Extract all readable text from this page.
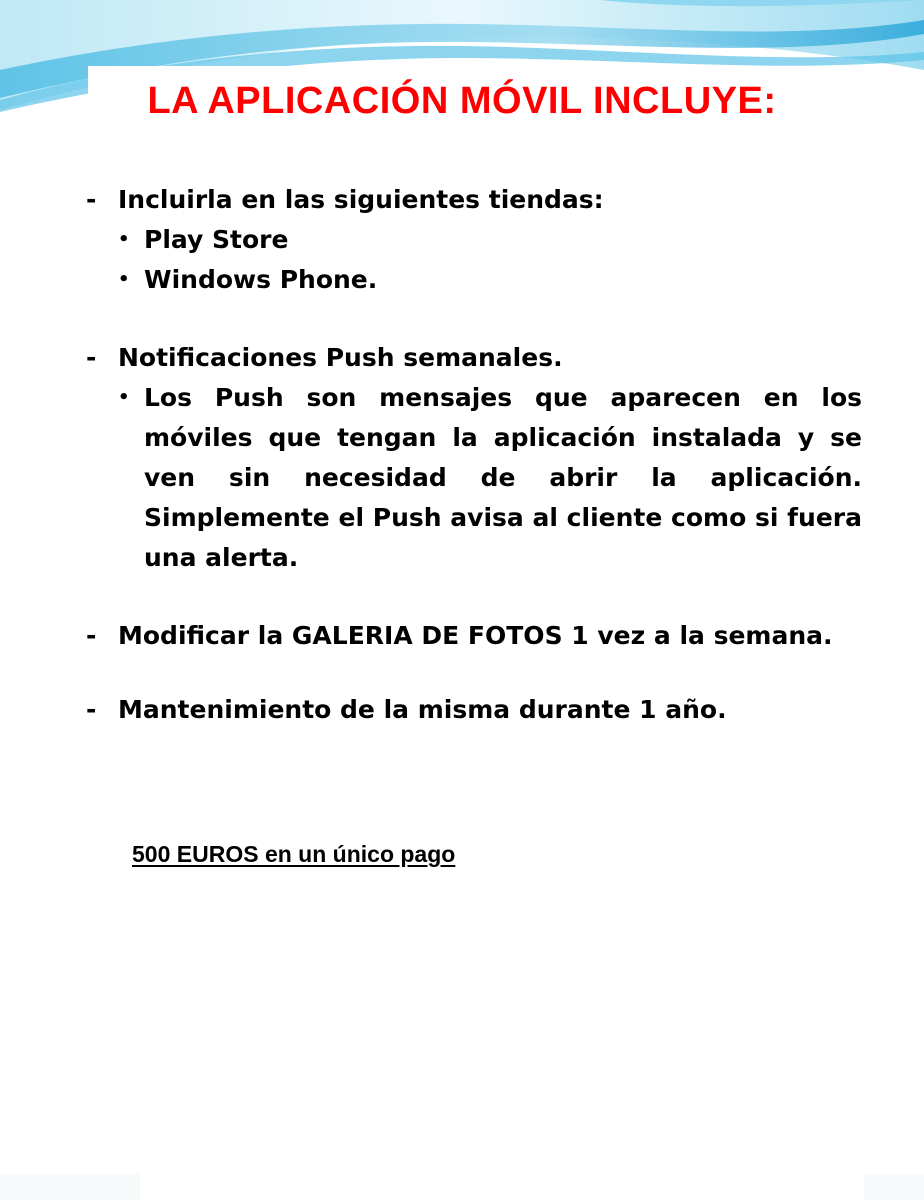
LA APLICACIÓN MÓVIL INCLUYE:
- Incluirla en las siguientes tiendas:
• Play Store
• Windows Phone.
- Notificaciones Push semanales.
• Los Push son mensajes que aparecen en los móviles que tengan la aplicación instalada y se ven sin necesidad de abrir la aplicación. Simplemente el Push avisa al cliente como si fuera una alerta.
- Modificar la GALERIA DE FOTOS 1 vez a la semana.
- Mantenimiento de la misma durante 1 año.
500 EUROS en un único pago
